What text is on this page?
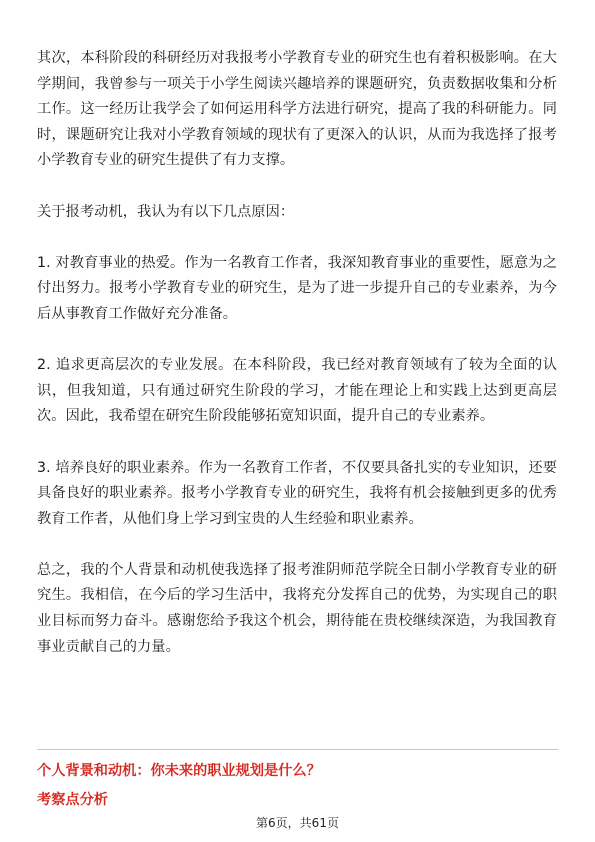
其次，本科阶段的科研经历对我报考小学教育专业的研究生也有着积极影响。在大学期间，我曾参与一项关于小学生阅读兴趣培养的课题研究，负责数据收集和分析工作。这一经历让我学会了如何运用科学方法进行研究，提高了我的科研能力。同时，课题研究让我对小学教育领域的现状有了更深入的认识，从而为我选择了报考小学教育专业的研究生提供了有力支撑。

关于报考动机，我认为有以下几点原因：

1. 对教育事业的热爱。作为一名教育工作者，我深知教育事业的重要性，愿意为之付出努力。报考小学教育专业的研究生，是为了进一步提升自己的专业素养，为今后从事教育工作做好充分准备。

2. 追求更高层次的专业发展。在本科阶段，我已经对教育领域有了较为全面的认识，但我知道，只有通过研究生阶段的学习，才能在理论上和实践上达到更高层次。因此，我希望在研究生阶段能够拓宽知识面，提升自己的专业素养。

3. 培养良好的职业素养。作为一名教育工作者，不仅要具备扎实的专业知识，还要具备良好的职业素养。报考小学教育专业的研究生，我将有机会接触到更多的优秀教育工作者，从他们身上学习到宝贵的人生经验和职业素养。

总之，我的个人背景和动机使我选择了报考淮阴师范学院全日制小学教育专业的研究生。我相信，在今后的学习生活中，我将充分发挥自己的优势，为实现自己的职业目标而努力奋斗。感谢您给予我这个机会，期待能在贵校继续深造，为我国教育事业贡献自己的力量。

个人背景和动机：你未来的职业规划是什么？
考察点分析
第6页，共61页
